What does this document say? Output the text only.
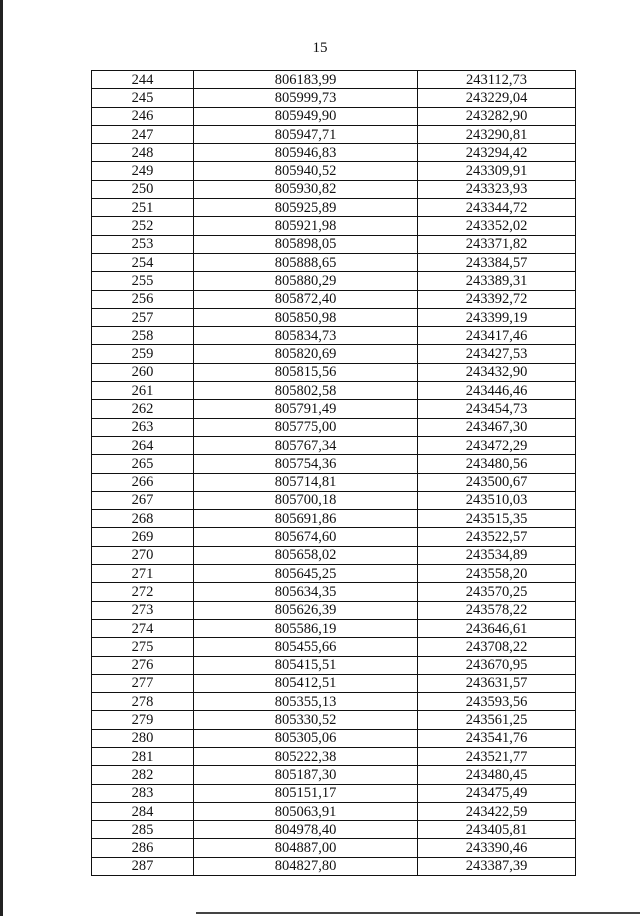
15
244	806183,99	243112,73
245	805999,73	243229,04
246	805949,90	243282,90
247	805947,71	243290,81
248	805946,83	243294,42
249	805940,52	243309,91
250	805930,82	243323,93
251	805925,89	243344,72
252	805921,98	243352,02
253	805898,05	243371,82
254	805888,65	243384,57
255	805880,29	243389,31
256	805872,40	243392,72
257	805850,98	243399,19
258	805834,73	243417,46
259	805820,69	243427,53
260	805815,56	243432,90
261	805802,58	243446,46
262	805791,49	243454,73
263	805775,00	243467,30
264	805767,34	243472,29
265	805754,36	243480,56
266	805714,81	243500,67
267	805700,18	243510,03
268	805691,86	243515,35
269	805674,60	243522,57
270	805658,02	243534,89
271	805645,25	243558,20
272	805634,35	243570,25
273	805626,39	243578,22
274	805586,19	243646,61
275	805455,66	243708,22
276	805415,51	243670,95
277	805412,51	243631,57
278	805355,13	243593,56
279	805330,52	243561,25
280	805305,06	243541,76
281	805222,38	243521,77
282	805187,30	243480,45
283	805151,17	243475,49
284	805063,91	243422,59
285	804978,40	243405,81
286	804887,00	243390,46
287	804827,80	243387,39
